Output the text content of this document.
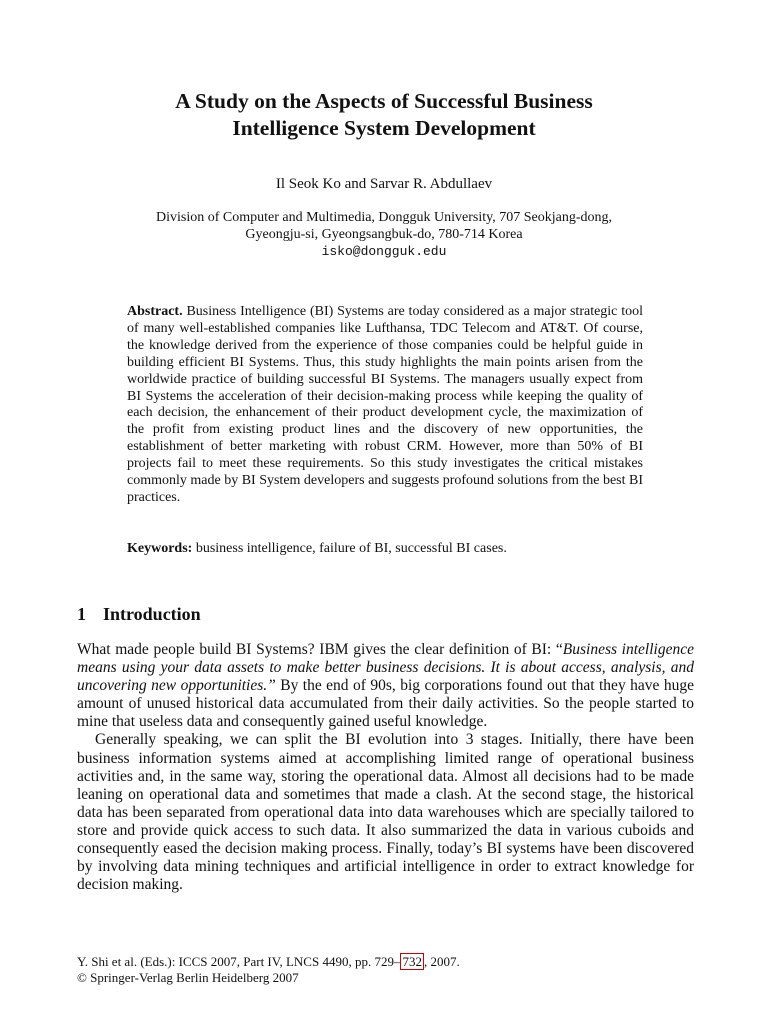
A Study on the Aspects of Successful Business
Intelligence System Development
Il Seok Ko and Sarvar R. Abdullaev
Division of Computer and Multimedia, Dongguk University, 707 Seokjang-dong,
Gyeongju-si, Gyeongsangbuk-do, 780-714 Korea
isko@dongguk.edu
Abstract. Business Intelligence (BI) Systems are today considered as a major strategic tool of many well-established companies like Lufthansa, TDC Telecom and AT&T. Of course, the knowledge derived from the experience of those companies could be helpful guide in building efficient BI Systems. Thus, this study highlights the main points arisen from the worldwide practice of building successful BI Systems. The managers usually expect from BI Systems the acceleration of their decision-making process while keeping the quality of each decision, the enhancement of their product development cycle, the maximization of the profit from existing product lines and the discovery of new opportunities, the establishment of better marketing with robust CRM. However, more than 50% of BI projects fail to meet these requirements. So this study investigates the critical mistakes commonly made by BI System developers and suggests profound solutions from the best BI practices.
Keywords: business intelligence, failure of BI, successful BI cases.
1 Introduction

What made people build BI Systems? IBM gives the clear definition of BI: “Business intelligence means using your data assets to make better business decisions. It is about access, analysis, and uncovering new opportunities.” By the end of 90s, big corporations found out that they have huge amount of unused historical data accumulated from their daily activities. So the people started to mine that useless data and consequently gained useful knowledge.

Generally speaking, we can split the BI evolution into 3 stages. Initially, there have been business information systems aimed at accomplishing limited range of operational business activities and, in the same way, storing the operational data. Almost all decisions had to be made leaning on operational data and sometimes that made a clash. At the second stage, the historical data has been separated from operational data into data warehouses which are specially tailored to store and provide quick access to such data. It also summarized the data in various cuboids and consequently eased the decision making process. Finally, today’s BI systems have been discovered by involving data mining techniques and artificial intelligence in order to extract knowledge for decision making.

Y. Shi et al. (Eds.): ICCS 2007, Part IV, LNCS 4490, pp. 729– 732 , 2007.
© Springer-Verlag Berlin Heidelberg 2007
